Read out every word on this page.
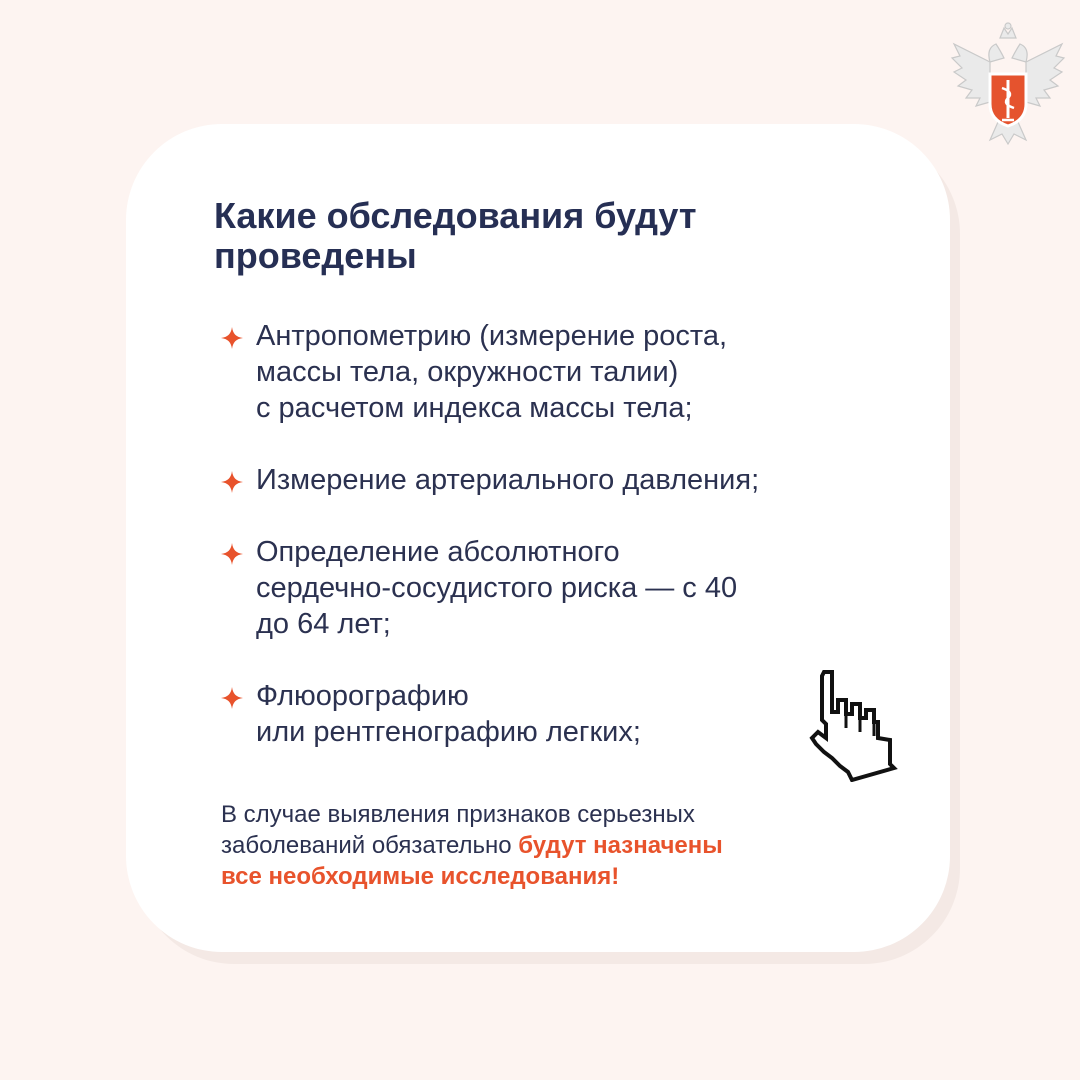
Какие обследования будут
проведены
Антропометрию (измерение роста,
массы тела, окружности талии)
с расчетом индекса массы тела;
Измерение артериального давления;
Определение абсолютного
сердечно-сосудистого риска — с 40
до 64 лет;
Флюорографию
или рентгенографию легких;

В случае выявления признаков серьезных
заболеваний обязательно будут назначены
все необходимые исследования!
